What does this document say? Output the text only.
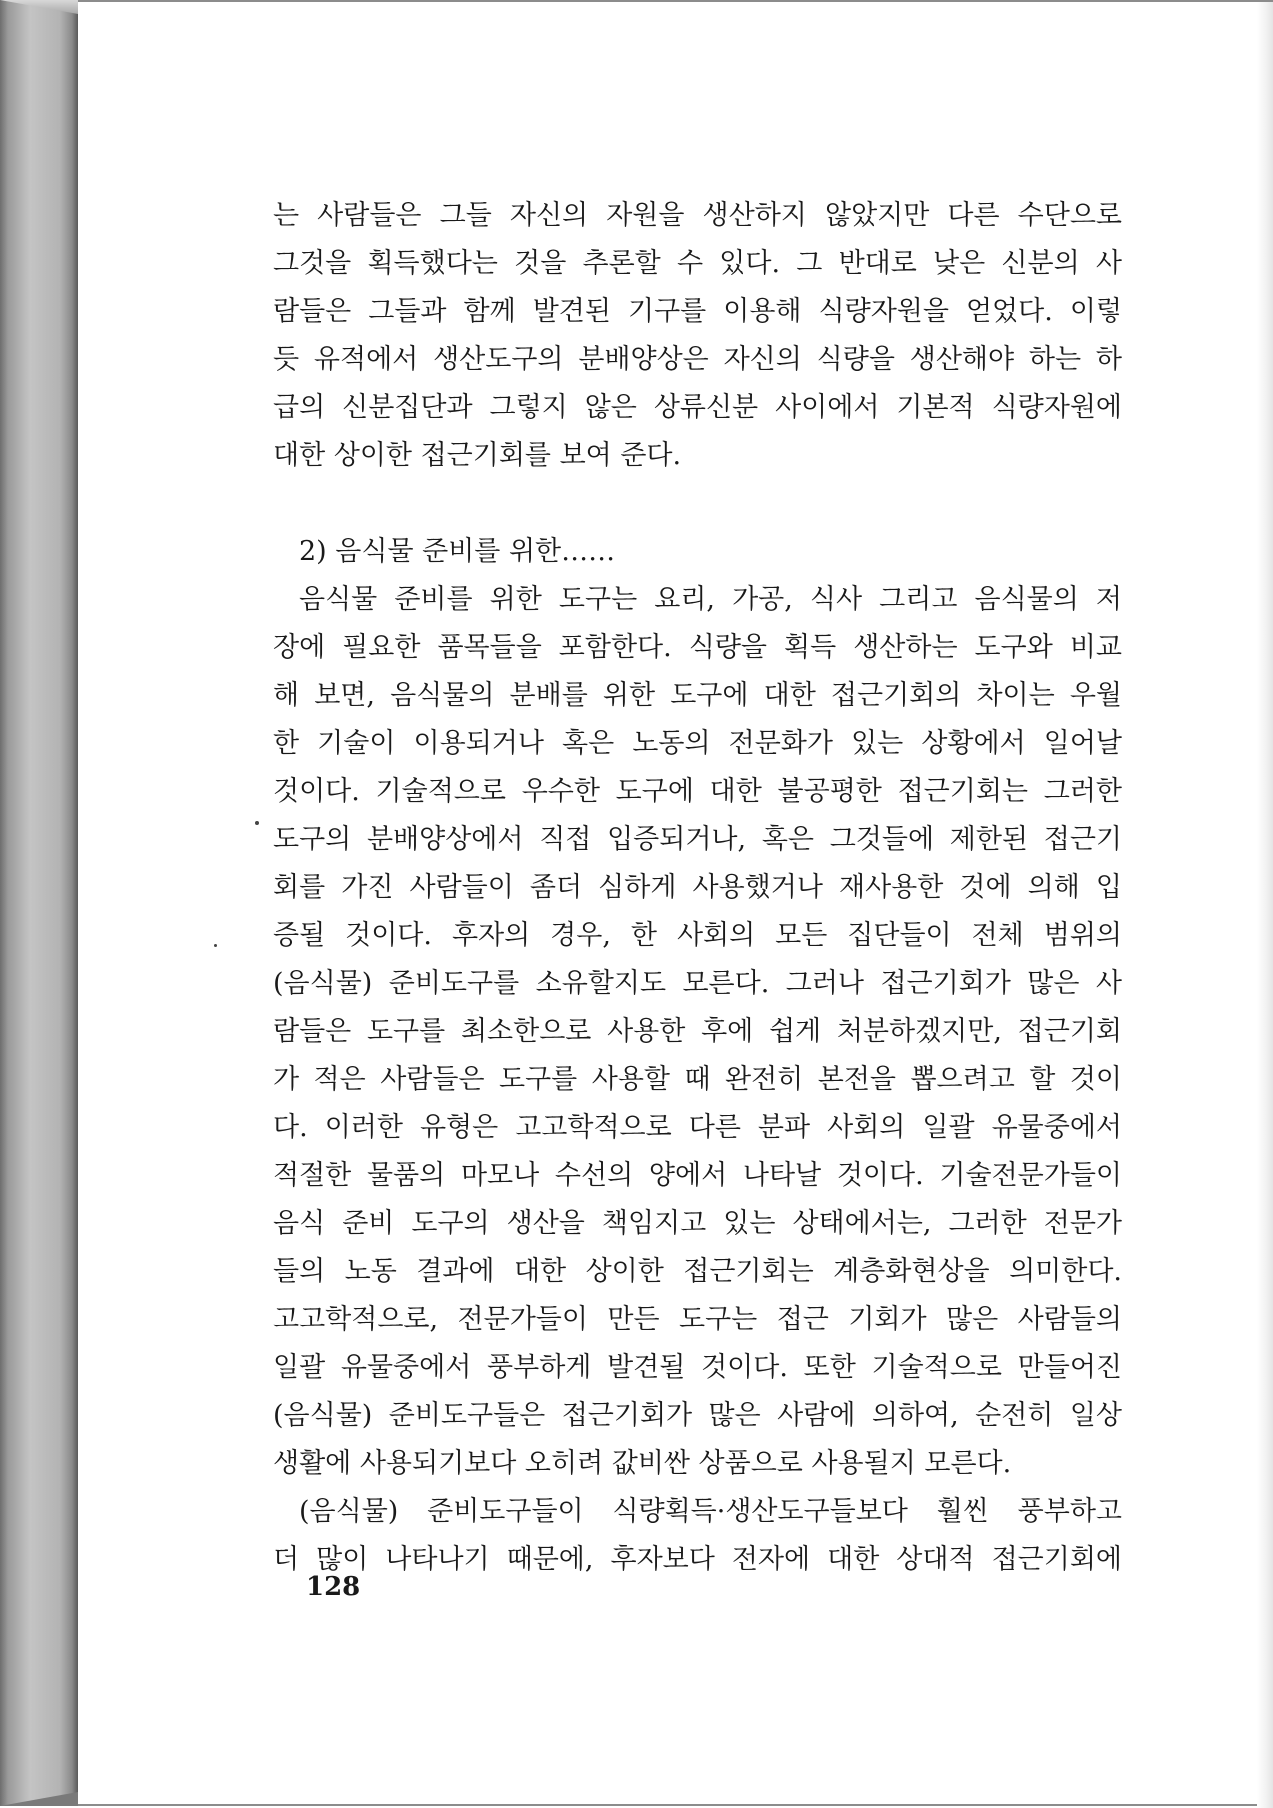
는 사람들은 그들 자신의 자원을 생산하지 않았지만 다른 수단으로
그것을 획득했다는 것을 추론할 수 있다. 그 반대로 낮은 신분의 사
람들은 그들과 함께 발견된 기구를 이용해 식량자원을 얻었다. 이렇
듯 유적에서 생산도구의 분배양상은 자신의 식량을 생산해야 하는 하
급의 신분집단과 그렇지 않은 상류신분 사이에서 기본적 식량자원에
대한 상이한 접근기회를 보여 준다.

2) 음식물 준비를 위한……

음식물 준비를 위한 도구는 요리, 가공, 식사 그리고 음식물의 저
장에 필요한 품목들을 포함한다. 식량을 획득 생산하는 도구와 비교
해 보면, 음식물의 분배를 위한 도구에 대한 접근기회의 차이는 우월
한 기술이 이용되거나 혹은 노동의 전문화가 있는 상황에서 일어날
것이다. 기술적으로 우수한 도구에 대한 불공평한 접근기회는 그러한
도구의 분배양상에서 직접 입증되거나, 혹은 그것들에 제한된 접근기
회를 가진 사람들이 좀더 심하게 사용했거나 재사용한 것에 의해 입
증될 것이다. 후자의 경우, 한 사회의 모든 집단들이 전체 범위의
(음식물) 준비도구를 소유할지도 모른다. 그러나 접근기회가 많은 사
람들은 도구를 최소한으로 사용한 후에 쉽게 처분하겠지만, 접근기회
가 적은 사람들은 도구를 사용할 때 완전히 본전을 뽑으려고 할 것이
다. 이러한 유형은 고고학적으로 다른 분파 사회의 일괄 유물중에서
적절한 물품의 마모나 수선의 양에서 나타날 것이다. 기술전문가들이
음식 준비 도구의 생산을 책임지고 있는 상태에서는, 그러한 전문가
들의 노동 결과에 대한 상이한 접근기회는 계층화현상을 의미한다.
고고학적으로, 전문가들이 만든 도구는 접근 기회가 많은 사람들의
일괄 유물중에서 풍부하게 발견될 것이다. 또한 기술적으로 만들어진
(음식물) 준비도구들은 접근기회가 많은 사람에 의하여, 순전히 일상
생활에 사용되기보다 오히려 값비싼 상품으로 사용될지 모른다.

(음식물) 준비도구들이 식량획득·생산도구들보다 훨씬 풍부하고
더 많이 나타나기 때문에, 후자보다 전자에 대한 상대적 접근기회에

128
